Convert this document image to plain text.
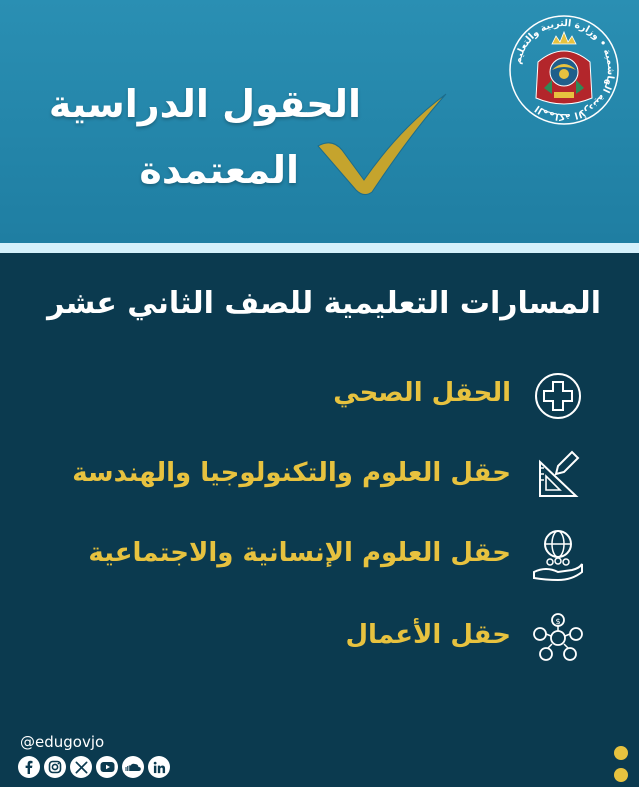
المملكة الأردنية الهاشمية • وزارة التربية والتعليم
الحقول الدراسية
المعتمدة
المسارات التعليمية للصف الثاني عشر
الحقل الصحي
حقل العلوم والتكنولوجيا والهندسة
حقل العلوم الإنسانية والاجتماعية
$
حقل الأعمال
@edugovjo
